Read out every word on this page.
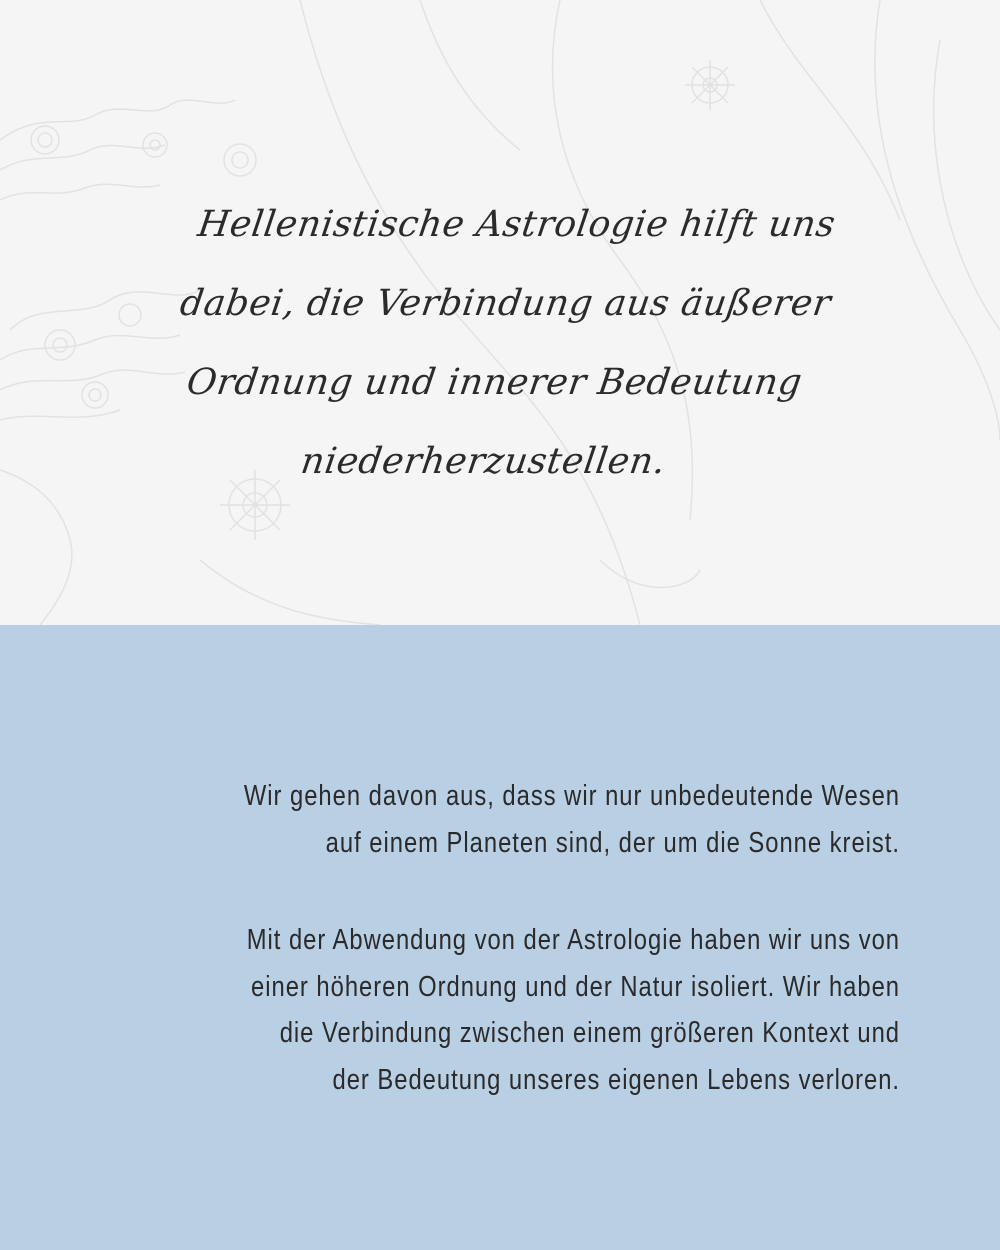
Hellenistische Astrologie hilft uns
dabei, die Verbindung aus äußerer
Ordnung und innerer Bedeutung
niederherzustellen.

Wir gehen davon aus, dass wir nur unbedeutende Wesen
auf einem Planeten sind, der um die Sonne kreist.

Mit der Abwendung von der Astrologie haben wir uns von
einer höheren Ordnung und der Natur isoliert. Wir haben
die Verbindung zwischen einem größeren Kontext und
der Bedeutung unseres eigenen Lebens verloren.
